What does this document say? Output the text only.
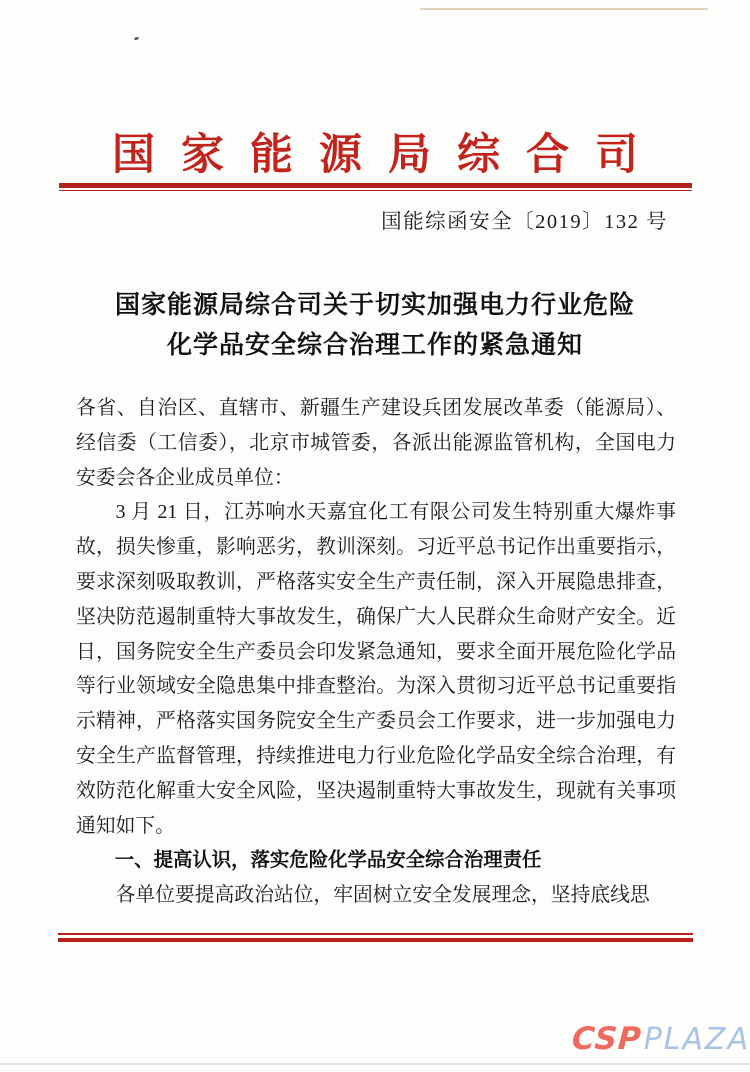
国家能源局综合司
国能综函安全〔2019〕132 号
国家能源局综合司关于切实加强电力行业危险
化学品安全综合治理工作的紧急通知

各省、自治区、直辖市、新疆生产建设兵团发展改革委（能源局）、经信委（工信委），北京市城管委，各派出能源监管机构，全国电力安委会各企业成员单位：

3 月 21 日，江苏响水天嘉宜化工有限公司发生特别重大爆炸事故，损失惨重，影响恶劣，教训深刻。习近平总书记作出重要指示，要求深刻吸取教训，严格落实安全生产责任制，深入开展隐患排查，坚决防范遏制重特大事故发生，确保广大人民群众生命财产安全。近日，国务院安全生产委员会印发紧急通知，要求全面开展危险化学品等行业领域安全隐患集中排查整治。为深入贯彻习近平总书记重要指示精神，严格落实国务院安全生产委员会工作要求，进一步加强电力安全生产监督管理，持续推进电力行业危险化学品安全综合治理，有效防范化解重大安全风险，坚决遏制重特大事故发生，现就有关事项通知如下。

一、提高认识，落实危险化学品安全综合治理责任

各单位要提高政治站位，牢固树立安全发展理念，坚持底线思

CSP PLAZA
